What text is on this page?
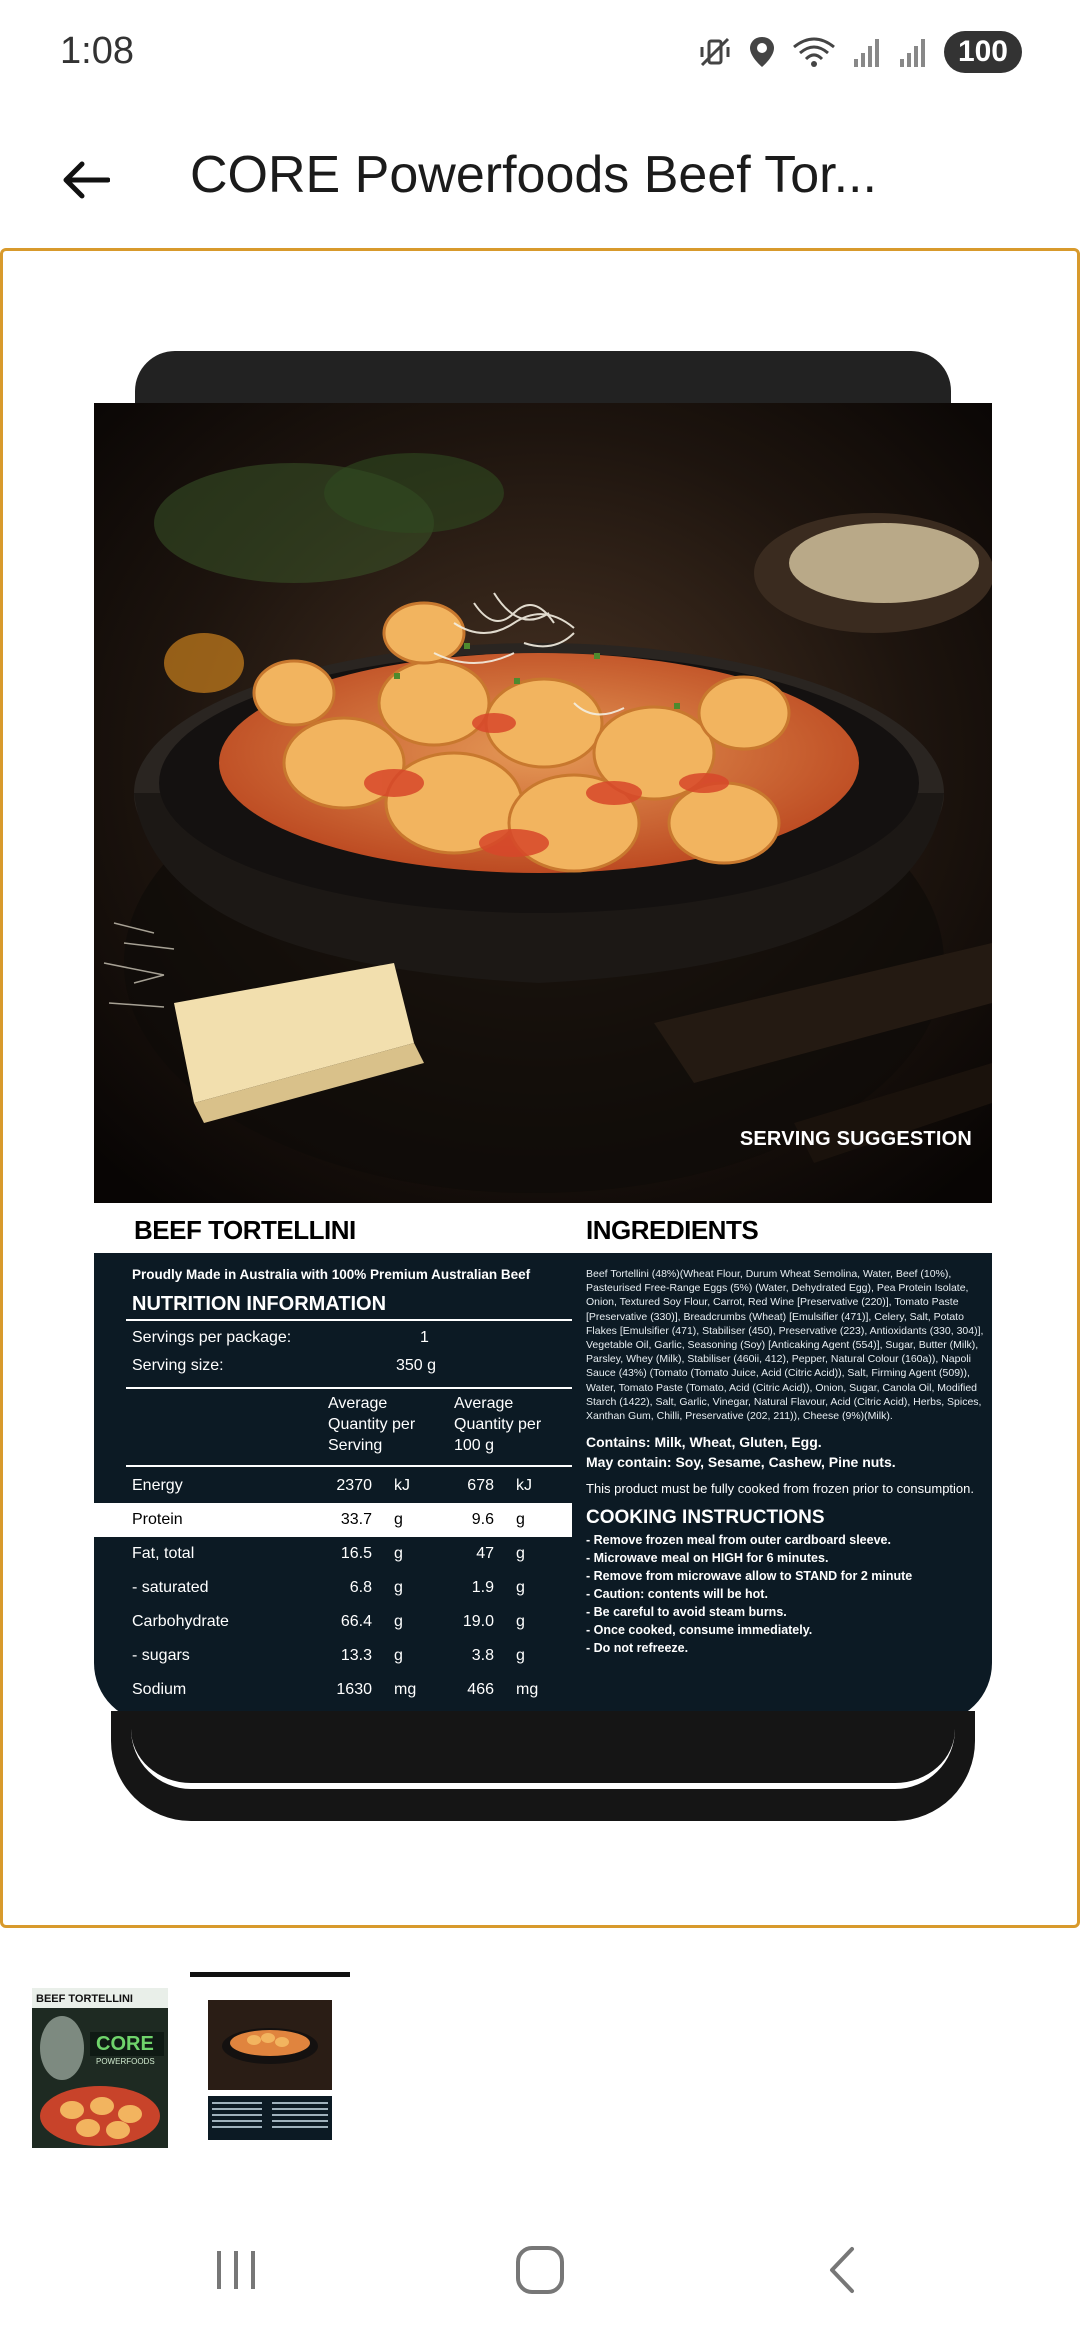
1:08	100
CORE Powerfoods Beef Tor...
SERVING SUGGESTION
BEEF TORTELLINI	INGREDIENTS
Proudly Made in Australia with 100% Premium Australian Beef
NUTRITION INFORMATION
Servings per package:	1
Serving size:	350 g
Average Quantity per Serving
Average Quantity per 100 g
Energy	2370 kJ	678 kJ
Protein	33.7 g	9.6 g
Fat, total	16.5 g	47 g
- saturated	6.8 g	1.9 g
Carbohydrate	66.4 g	19.0 g
- sugars	13.3 g	3.8 g
Sodium	1630 mg	466 mg
Beef Tortellini (48%)(Wheat Flour, Durum Wheat Semolina, Water, Beef (10%), Pasteurised Free-Range Eggs (5%) (Water, Dehydrated Egg), Pea Protein Isolate, Onion, Textured Soy Flour, Carrot, Red Wine [Preservative (220)], Tomato Paste [Preservative (330)], Breadcrumbs (Wheat) [Emulsifier (471)], Celery, Salt, Potato Flakes [Emulsifier (471), Stabiliser (450), Preservative (223), Antioxidants (330, 304)], Vegetable Oil, Garlic, Seasoning (Soy) [Anticaking Agent (554)], Sugar, Butter (Milk), Parsley, Whey (Milk), Stabiliser (460ii, 412), Pepper, Natural Colour (160a)), Napoli Sauce (43%) (Tomato (Tomato Juice, Acid (Citric Acid)), Salt, Firming Agent (509)), Water, Tomato Paste (Tomato, Acid (Citric Acid)), Onion, Sugar, Canola Oil, Modified Starch (1422), Salt, Garlic, Vinegar, Natural Flavour, Acid (Citric Acid), Herbs, Spices, Xanthan Gum, Chilli, Preservative (202, 211)), Cheese (9%)(Milk).
Contains: Milk, Wheat, Gluten, Egg.
May contain: Soy, Sesame, Cashew, Pine nuts.
This product must be fully cooked from frozen prior to consumption.
COOKING INSTRUCTIONS
- Remove frozen meal from outer cardboard sleeve.
- Microwave meal on HIGH for 6 minutes.
- Remove from microwave allow to STAND for 2 minute
- Caution: contents will be hot.
- Be careful to avoid steam burns.
- Once cooked, consume immediately.
- Do not refreeze.
BEEF TORTELLINI
CORE
POWERFOODS
